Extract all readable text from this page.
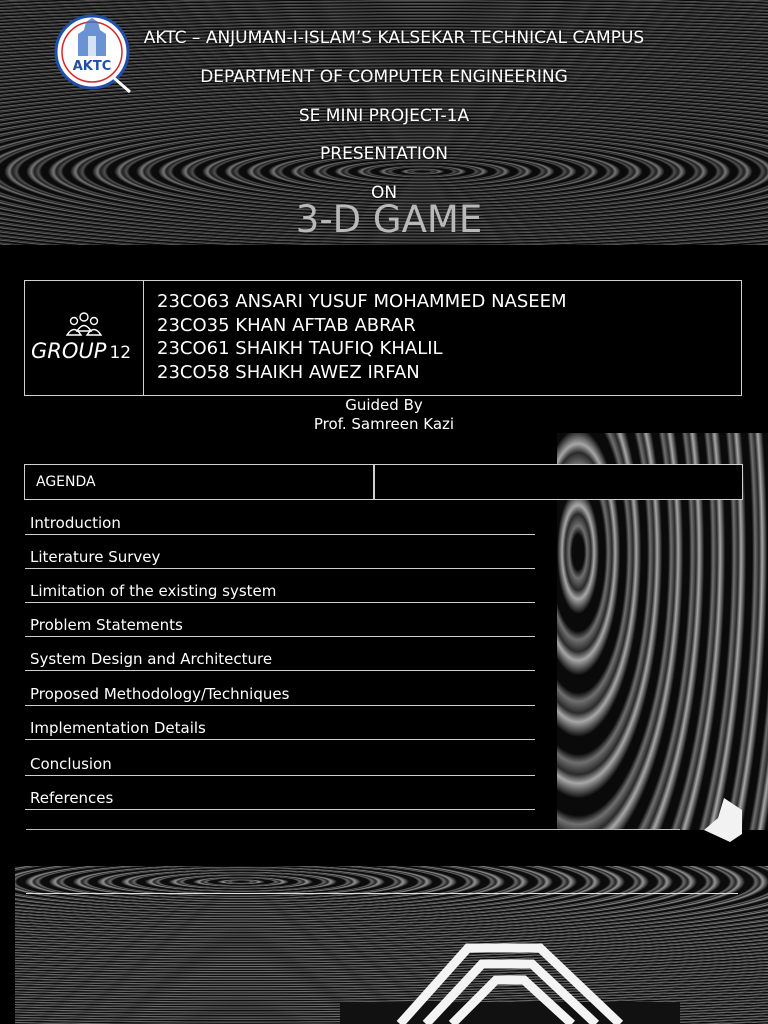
AKTC
AKTC – ANJUMAN-I-ISLAM’S KALSEKAR TECHNICAL CAMPUS
DEPARTMENT OF COMPUTER ENGINEERING
SE MINI PROJECT-1A
PRESENTATION
ON
3-D GAME
GROUP 12
23CO63 ANSARI YUSUF MOHAMMED NASEEM
23CO35 KHAN AFTAB ABRAR
23CO61 SHAIKH TAUFIQ KHALIL
23CO58 SHAIKH AWEZ IRFAN
Guided By
Prof. Samreen Kazi
AGENDA
Introduction
Literature Survey
Limitation of the existing system
Problem Statements
System Design and Architecture
Proposed Methodology/Techniques
Implementation Details
Conclusion
References
